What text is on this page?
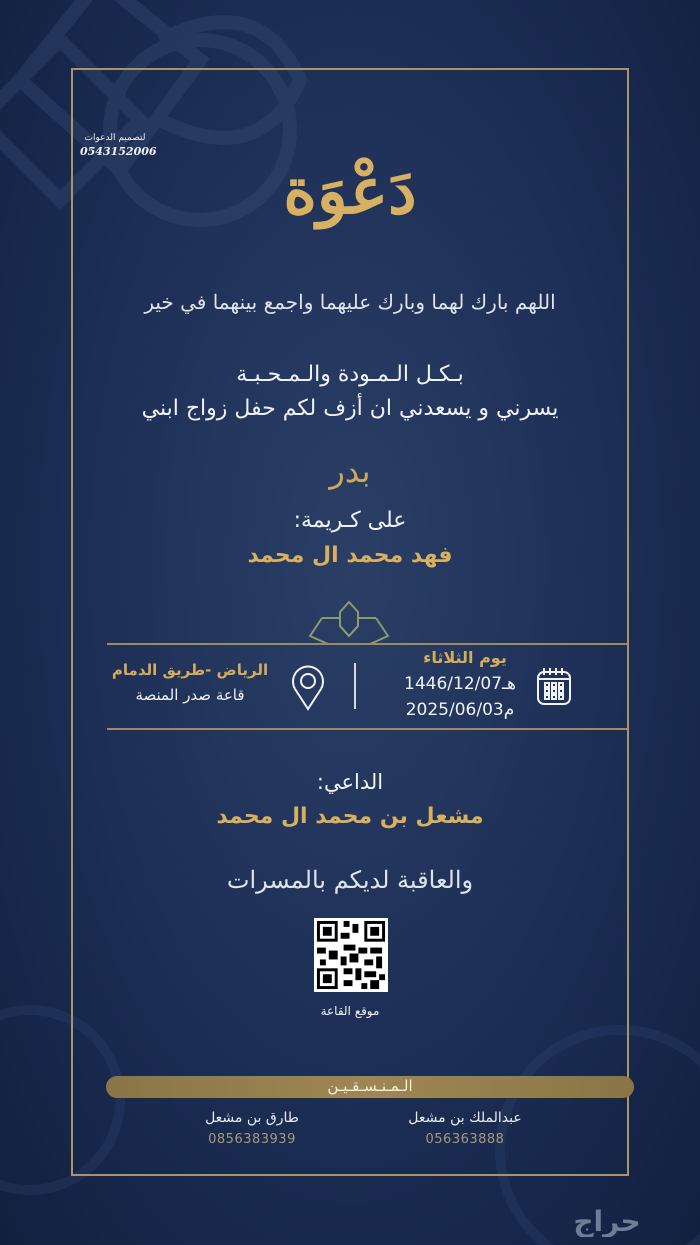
لتصميم الدعوات
0543152006
دَعْوَة
اللهم بارك لهما وبارك عليهما واجمع بينهما في خير
بـكـل الـمـودة والـمـحـبـة
يسرني و يسعدني ان أزف لكم حفل زواج ابني
بدر
على كـريمة:
فهد محمد ال محمد
يوم الثلاثاء
1446/12/07هـ
2025/06/03م
الرياض -طريق الدمام
قاعة صدر المنصة
الداعي:
مشعل بن محمد ال محمد
والعاقبة لديكم بالمسرات
موقع القاعة
الـمـنـسـقـيـن
عبدالملك بن مشعل
056363888
طارق بن مشعل
0856383939
حراج
